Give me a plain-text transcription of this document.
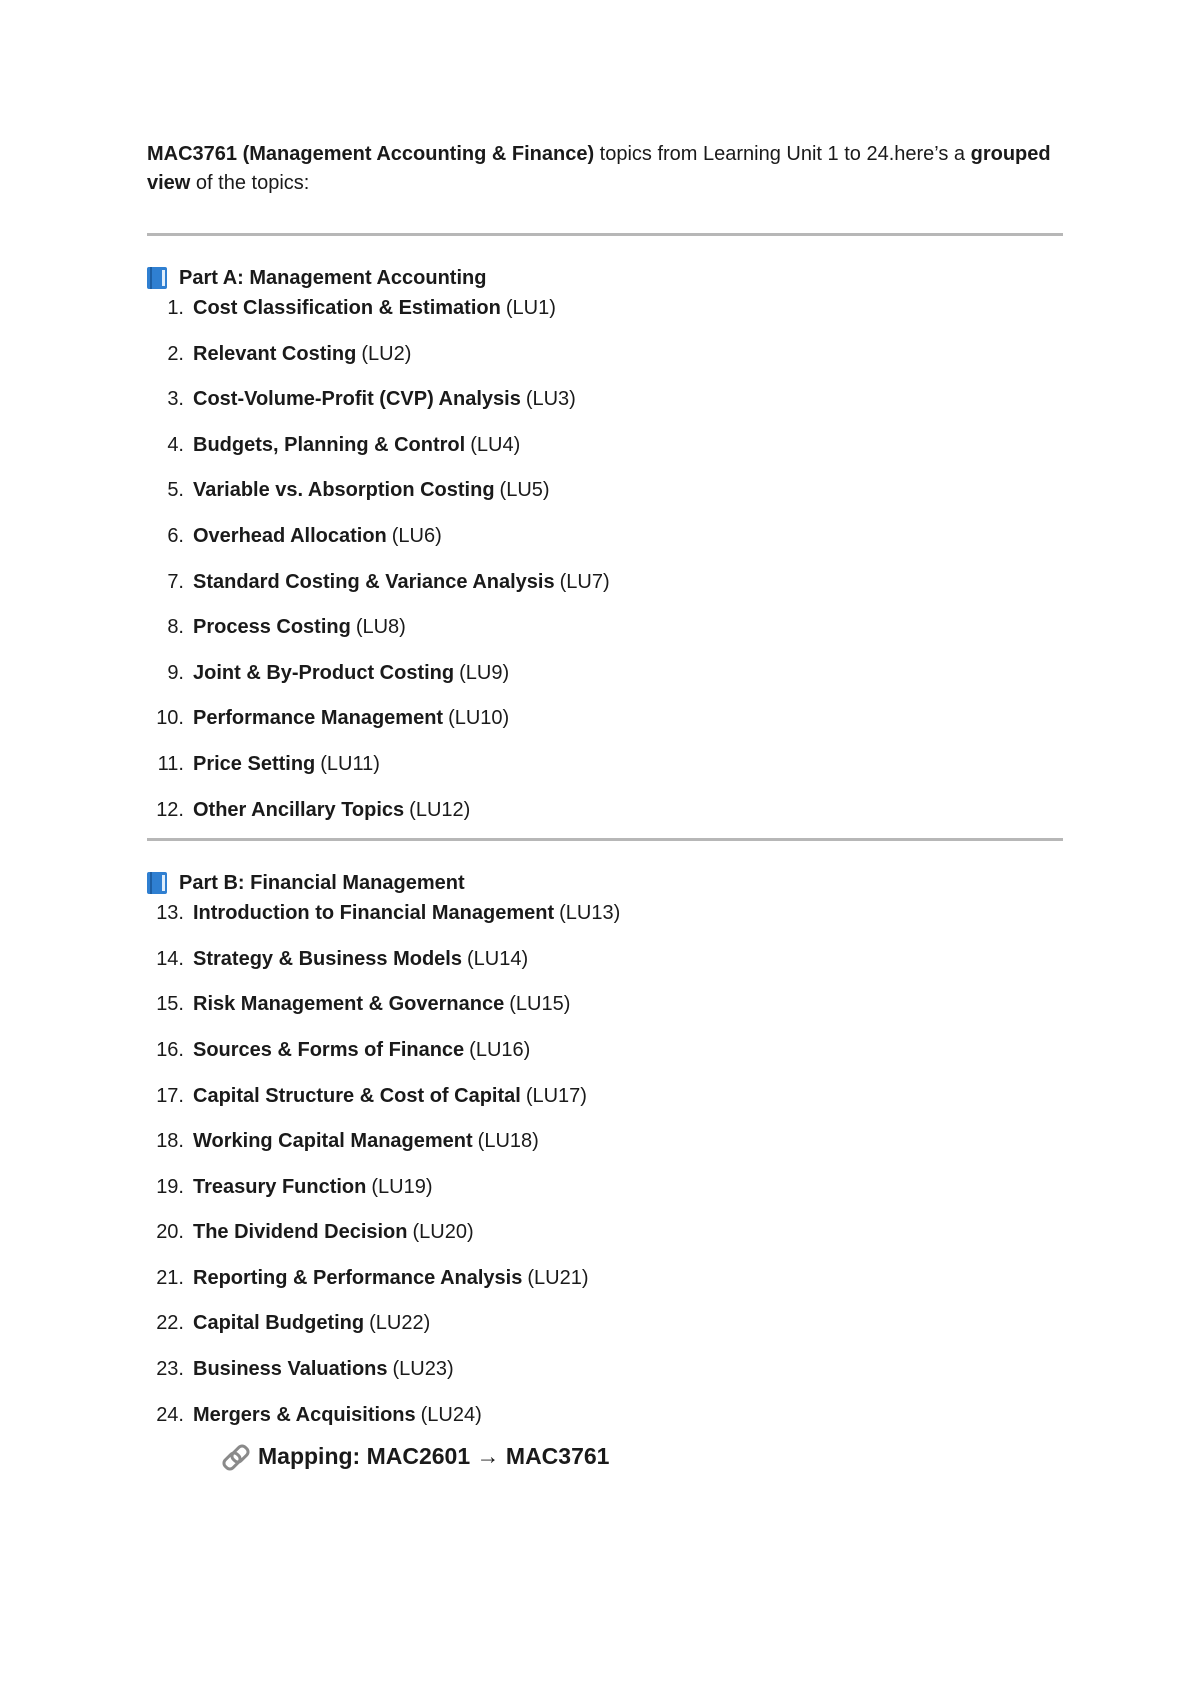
MAC3761 (Management Accounting & Finance) topics from Learning Unit 1 to 24.here’s a grouped view of the topics:

Part A: Management Accounting
1. Cost Classification & Estimation (LU1)
2. Relevant Costing (LU2)
3. Cost-Volume-Profit (CVP) Analysis (LU3)
4. Budgets, Planning & Control (LU4)
5. Variable vs. Absorption Costing (LU5)
6. Overhead Allocation (LU6)
7. Standard Costing & Variance Analysis (LU7)
8. Process Costing (LU8)
9. Joint & By-Product Costing (LU9)
10. Performance Management (LU10)
11. Price Setting (LU11)
12. Other Ancillary Topics (LU12)
Part B: Financial Management
13. Introduction to Financial Management (LU13)
14. Strategy & Business Models (LU14)
15. Risk Management & Governance (LU15)
16. Sources & Forms of Finance (LU16)
17. Capital Structure & Cost of Capital (LU17)
18. Working Capital Management (LU18)
19. Treasury Function (LU19)
20. The Dividend Decision (LU20)
21. Reporting & Performance Analysis (LU21)
22. Capital Budgeting (LU22)
23. Business Valuations (LU23)
24. Mergers & Acquisitions (LU24)
Mapping: MAC2601 → MAC3761
